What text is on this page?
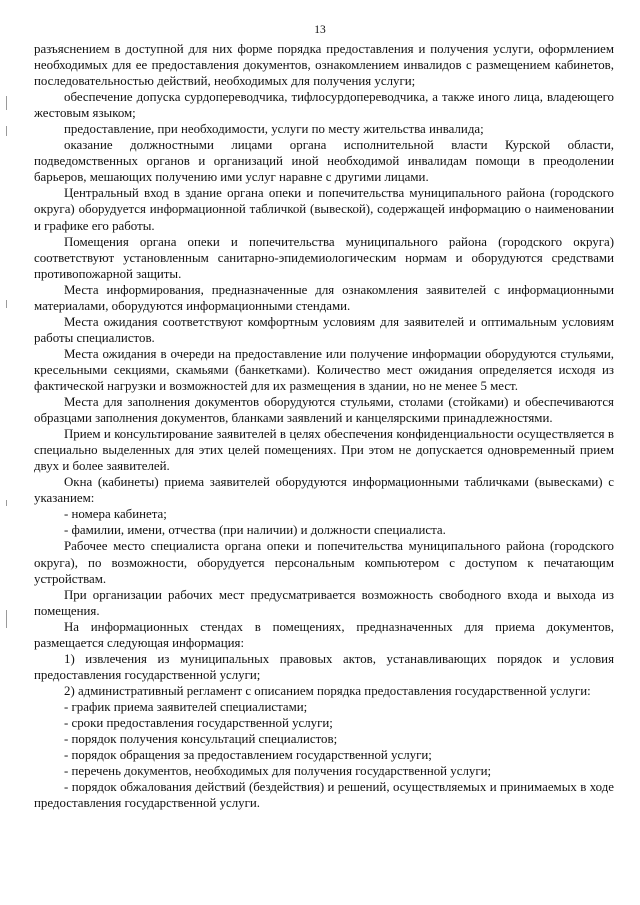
13

разъяснением в доступной для них форме порядка предоставления и получения услуги, оформлением необходимых для ее предоставления документов, ознакомлением инвалидов с размещением кабинетов, последовательностью действий, необходимых для получения услуги;

обеспечение допуска сурдопереводчика, тифлосурдопереводчика, а также иного лица, владеющего жестовым языком;

предоставление, при необходимости, услуги по месту жительства инвалида;

оказание должностными лицами органа исполнительной власти Курской области, подведомственных органов и организаций иной необходимой инвалидам помощи в преодолении барьеров, мешающих получению ими услуг наравне с другими лицами.

Центральный вход в здание органа опеки и попечительства муниципального района (городского округа) оборудуется информационной табличкой (вывеской), содержащей информацию о наименовании и графике его работы.

Помещения органа опеки и попечительства муниципального района (городского округа) соответствуют установленным санитарно-эпидемиологическим нормам и оборудуются средствами противопожарной защиты.

Места информирования, предназначенные для ознакомления заявителей с информационными материалами, оборудуются информационными стендами.

Места ожидания соответствуют комфортным условиям для заявителей и оптимальным условиям работы специалистов.

Места ожидания в очереди на предоставление или получение информации оборудуются стульями, кресельными секциями, скамьями (банкетками). Количество мест ожидания определяется исходя из фактической нагрузки и возможностей для их размещения в здании, но не менее 5 мест.

Места для заполнения документов оборудуются стульями, столами (стойками) и обеспечиваются образцами заполнения документов, бланками заявлений и канцелярскими принадлежностями.

Прием и консультирование заявителей в целях обеспечения конфиденциальности осуществляется в специально выделенных для этих целей помещениях. При этом не допускается одновременный прием двух и более заявителей.

Окна (кабинеты) приема заявителей оборудуются информационными табличками (вывесками) с указанием:

- номера кабинета;

- фамилии, имени, отчества (при наличии) и должности специалиста.

Рабочее место специалиста органа опеки и попечительства муниципального района (городского округа), по возможности, оборудуется персональным компьютером с доступом к печатающим устройствам.

При организации рабочих мест предусматривается возможность свободного входа и выхода из помещения.

На информационных стендах в помещениях, предназначенных для приема документов, размещается следующая информация:

1) извлечения из муниципальных правовых актов, устанавливающих порядок и условия предоставления государственной услуги;

2) административный регламент с описанием порядка предоставления государственной услуги:

- график приема заявителей специалистами;

- сроки предоставления государственной услуги;

- порядок получения консультаций специалистов;

- порядок обращения за предоставлением государственной услуги;

- перечень документов, необходимых для получения государственной услуги;

- порядок обжалования действий (бездействия) и решений, осуществляемых и принимаемых в ходе предоставления государственной услуги.
